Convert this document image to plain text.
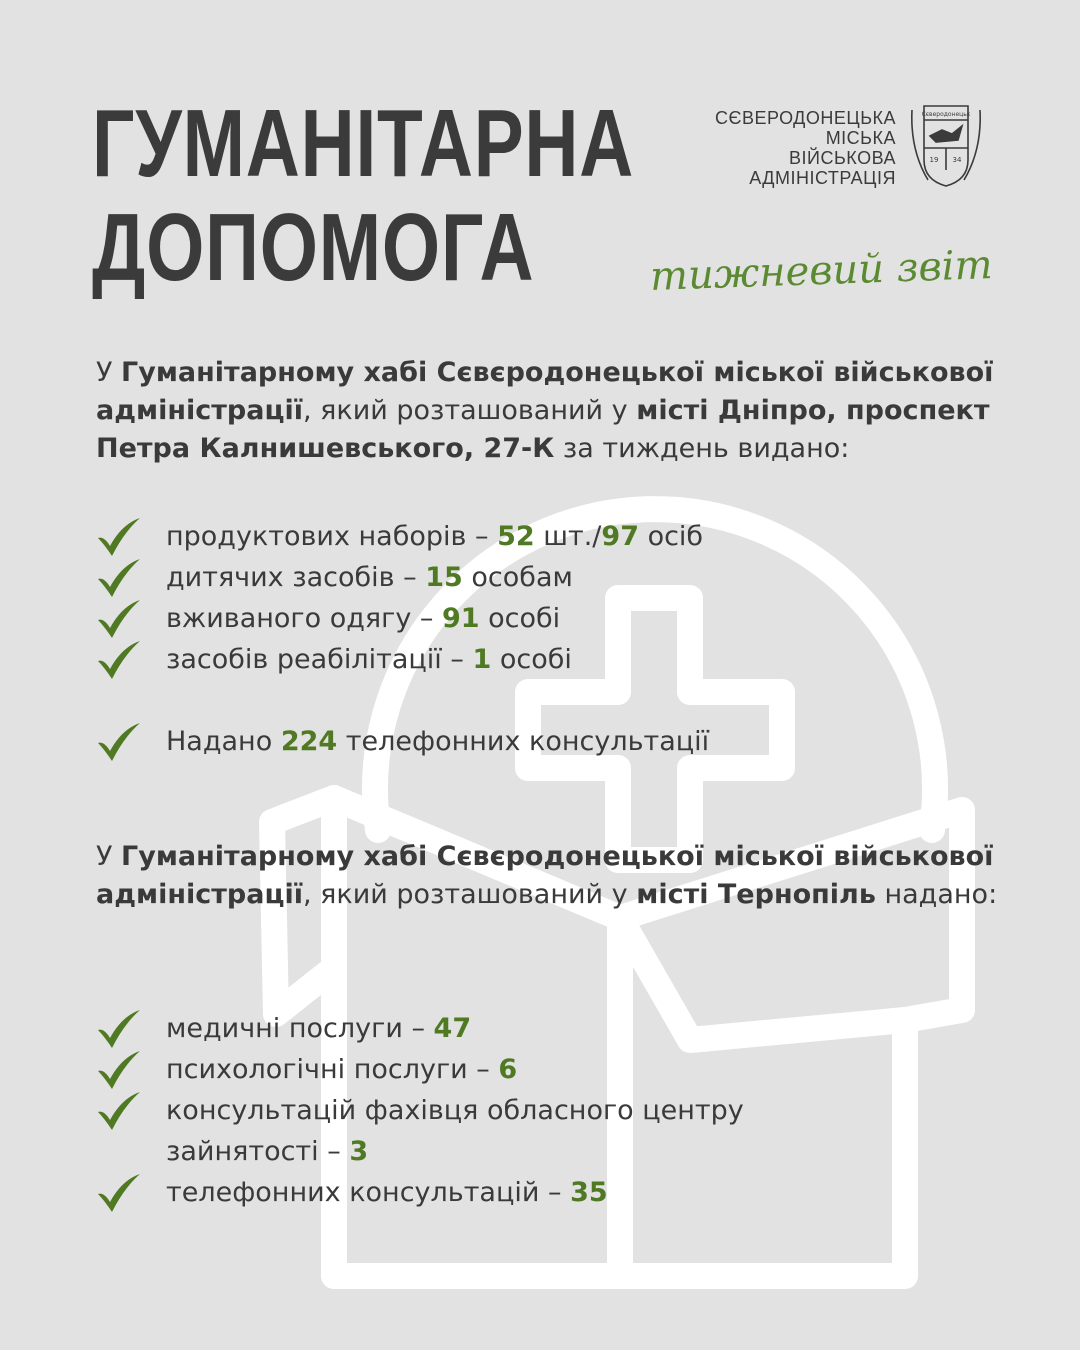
ГУМАНІТАРНА
ДОПОМОГА
СЄВЕРОДОНЕЦЬКА
МІСЬКА
ВІЙСЬКОВА
АДМІНІСТРАЦІЯ
Сєверодонецьк
19 34
тижневий звіт
У Гуманітарному хабі Сєвєродонецької міської військової адміністрації, який розташований у місті Дніпро, проспект Петра Калнишевського, 27-К за тиждень видано:
продуктових наборів – 52 шт./97 осіб
дитячих засобів – 15 особам
вживаного одягу – 91 особі
засобів реабілітації – 1 особі
Надано 224 телефонних консультації
У Гуманітарному хабі Сєвєродонецької міської військової адміністрації, який розташований у місті Тернопіль надано:
медичні послуги – 47
психологічні послуги – 6
консультацій фахівця обласного центру
зайнятості – 3
телефонних консультацій – 35
